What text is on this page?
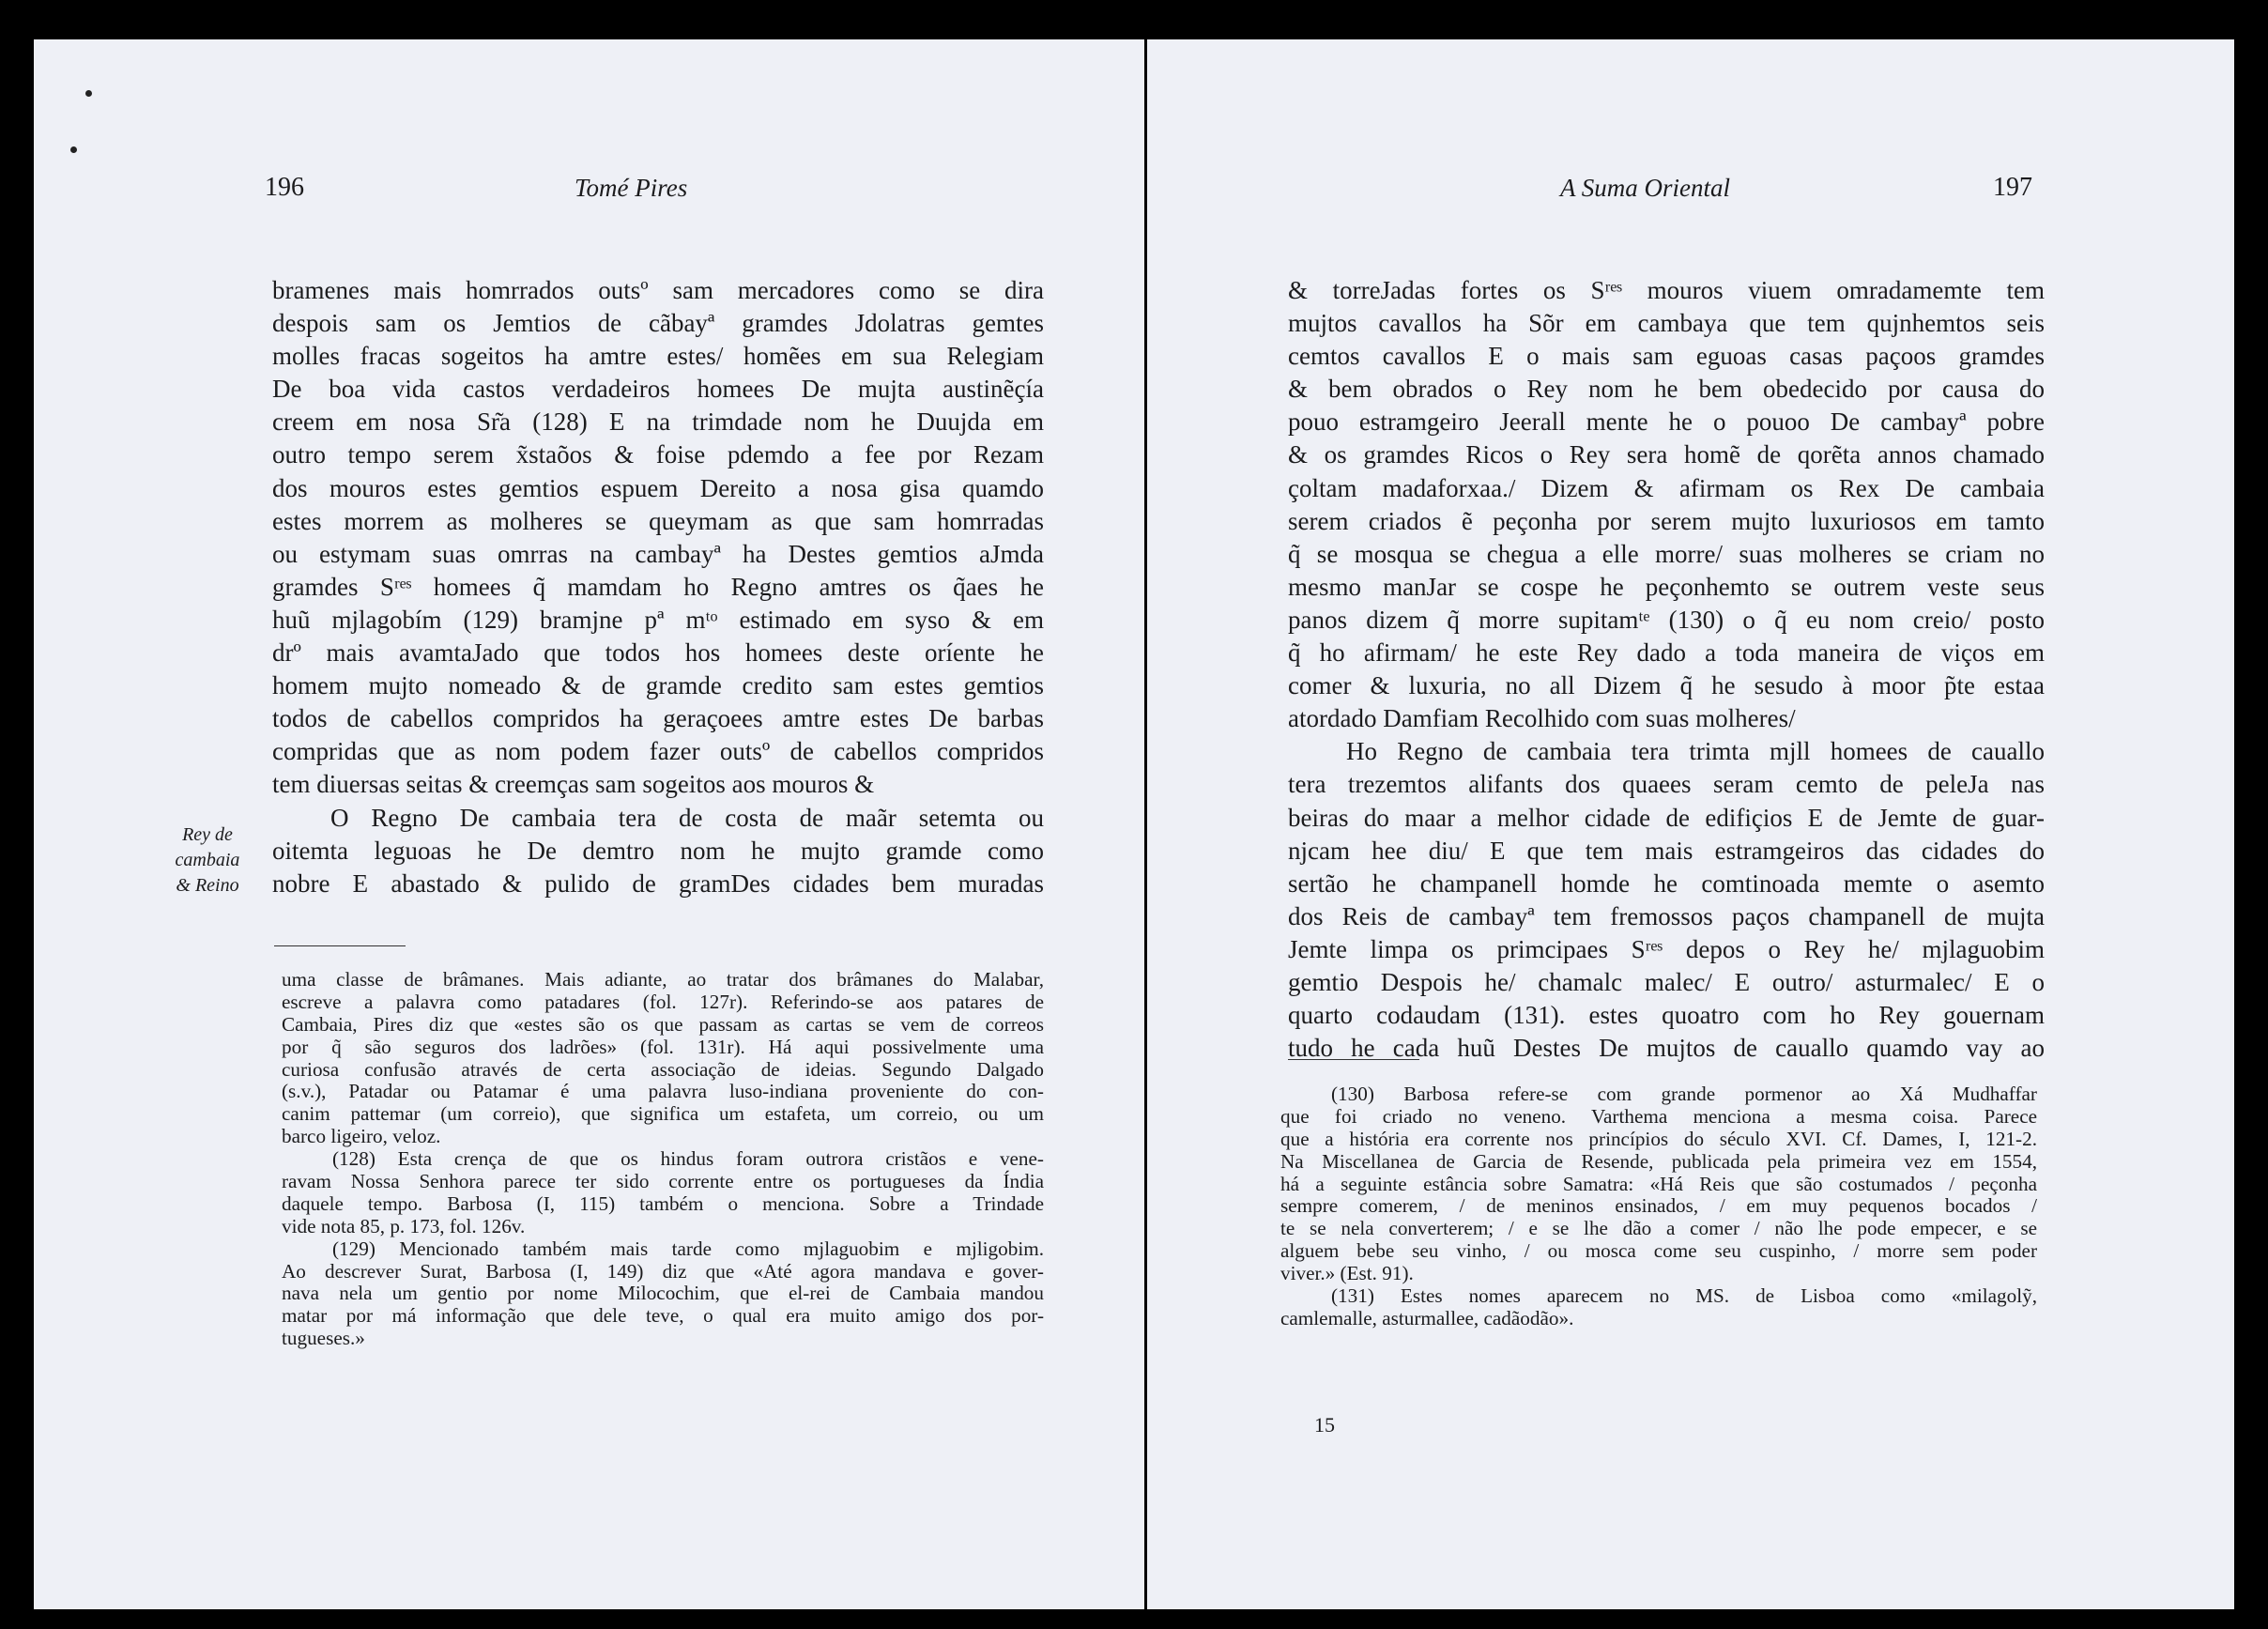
196	Tomé Pires
Rey de
cambaia
& Reino
bramenes mais homrrados outsº sam mercadores como se dira
despois sam os Jemtios de cãbayª gramdes Jdolatras gemtes
molles fracas sogeitos ha amtre estes/ homẽes em sua Relegiam
De boa vida castos verdadeiros homees De mujta austinẽçía
creem em nosa Sr͂a (128) E na trimdade nom he Duujda em
outro tempo serem x̃staõos & foise pdemdo a fee por Rezam
dos mouros estes gemtios espuem Dereito a nosa gisa quamdo
estes morrem as molheres se queymam as que sam homrradas
ou estymam suas omrras na cambayª ha Destes gemtios aJmda
gramdes Sʳᵉˢ homees q̃ mamdam ho Regno amtres os q̃aes he
huũ mjlagobím (129) bramjne pª mᵗᵒ estimado em syso & em
drº mais avamtaJado que todos hos homees deste oríente he
homem mujto nomeado & de gramde credito sam estes gemtios
todos de cabellos compridos ha geraçoees amtre estes De barbas
compridas que as nom podem fazer outsº de cabellos compridos
tem diuersas seitas & creemças sam sogeitos aos mouros &
O Regno De cambaia tera de costa de maãr setemta ou
oitemta leguoas he De demtro nom he mujto gramde como
nobre E abastado & pulido de gramDes cidades bem muradas
uma classe de brâmanes. Mais adiante, ao tratar dos brâmanes do Malabar,
escreve a palavra como patadares (fol. 127r). Referindo-se aos patares de
Cambaia, Pires diz que «estes são os que passam as cartas se vem de correos
por q̃ são seguros dos ladrões» (fol. 131r). Há aqui possivelmente uma
curiosa confusão através de certa associação de ideias. Segundo Dalgado
(s.v.), Patadar ou Patamar é uma palavra luso-indiana proveniente do con-
canim pattemar (um correio), que significa um estafeta, um correio, ou um
barco ligeiro, veloz.
(128) Esta crença de que os hindus foram outrora cristãos e vene-
ravam Nossa Senhora parece ter sido corrente entre os portugueses da Índia
daquele tempo. Barbosa (I, 115) também o menciona. Sobre a Trindade
vide nota 85, p. 173, fol. 126v.
(129) Mencionado também mais tarde como mjlaguobim e mjligobim.
Ao descrever Surat, Barbosa (I, 149) diz que «Até agora mandava e gover-
nava nela um gentio por nome Milocochim, que el-rei de Cambaia mandou
matar por má informação que dele teve, o qual era muito amigo dos por-
tugueses.»
A Suma Oriental	197
& torreJadas fortes os Sʳᵉˢ mouros viuem omradamemte tem
mujtos cavallos ha Sõr em cambaya que tem qujnhemtos seis
cemtos cavallos E o mais sam eguoas casas paçoos gramdes
& bem obrados o Rey nom he bem obedecido por causa do
pouo estramgeiro Jeerall mente he o pouoo De cambayª pobre
& os gramdes Ricos o Rey sera homẽ de qorẽta annos chamado
çoltam madaforxaa./ Dizem & afirmam os Rex De cambaia
serem criados ẽ peçonha por serem mujto luxuriosos em tamto
q̃ se mosqua se chegua a elle morre/ suas molheres se criam no
mesmo manJar se cospe he peçonhemto se outrem veste seus
panos dizem q̃ morre supitamᵗᵉ (130) o q̃ eu nom creio/ posto
q̃ ho afirmam/ he este Rey dado a toda maneira de viços em
comer & luxuria, no all Dizem q̃ he sesudo à moor p̃te estaa
atordado Damfiam Recolhido com suas molheres/
Ho Regno de cambaia tera trimta mjll homees de cauallo
tera trezemtos alifants dos quaees seram cemto de peleJa nas
beiras do maar a melhor cidade de edifiçios E de Jemte de guar-
njcam hee diu/ E que tem mais estramgeiros das cidades do
sertão he champanell homde he comtinoada memte o asemto
dos Reis de cambayª tem fremossos paços champanell de mujta
Jemte limpa os primcipaes Sʳᵉˢ depos o Rey he/ mjlaguobim
gemtio Despois he/ chamalc malec/ E outro/ asturmalec/ E o
quarto codaudam (131). estes quoatro com ho Rey gouernam
tudo he cada huũ Destes De mujtos de cauallo quamdo vay ao
(130) Barbosa refere-se com grande pormenor ao Xá Mudhaffar
que foi criado no veneno. Varthema menciona a mesma coisa. Parece
que a história era corrente nos princípios do século XVI. Cf. Dames, I, 121-2.
Na Miscellanea de Garcia de Resende, publicada pela primeira vez em 1554,
há a seguinte estância sobre Samatra: «Há Reis que são costumados / peçonha
sempre comerem, / de meninos ensinados, / em muy pequenos bocados /
te se nela converterem; / e se lhe dão a comer / não lhe pode empecer, e se
alguem bebe seu vinho, / ou mosca come seu cuspinho, / morre sem poder
viver.» (Est. 91).
(131) Estes nomes aparecem no MS. de Lisboa como «milagolỹ,
camlemalle, asturmallee, cadãodão».
15
